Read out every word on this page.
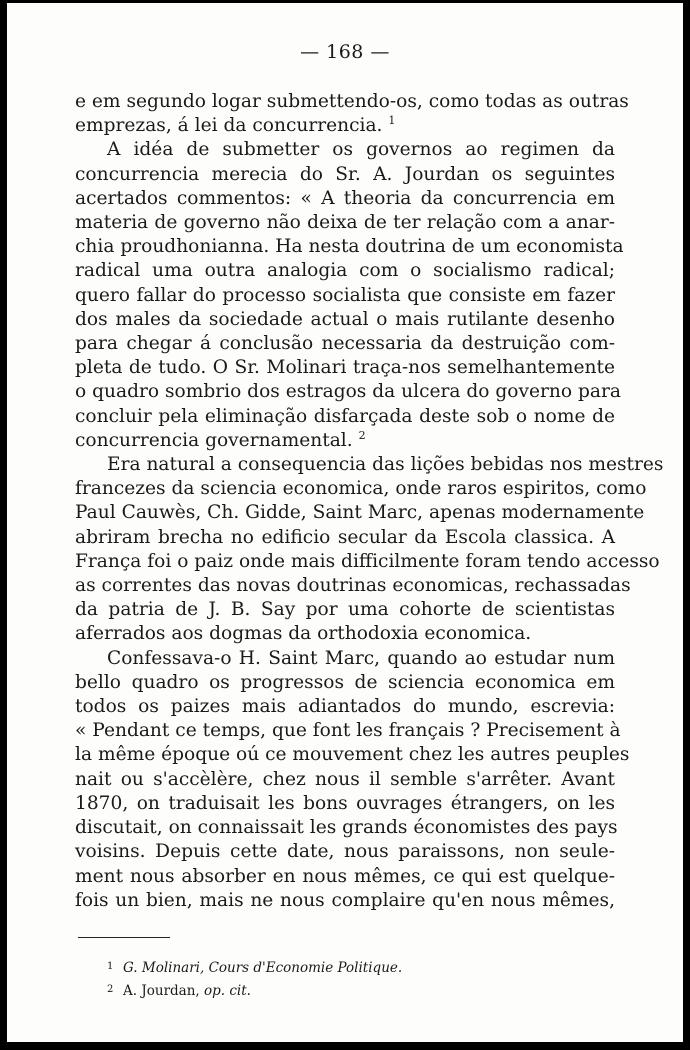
— 168 —
e em segundo logar submettendo-os, como todas as outras
emprezas, á lei da concurrencia. $^1$
A idéa de submetter os governos ao regimen da
concurrencia merecia do Sr. A. Jourdan os seguintes
acertados commentos: « A theoria da concurrencia em
materia de governo não deixa de ter relação com a anar-
chia proudhonianna. Ha nesta doutrina de um economista
radical uma outra analogia com o socialismo radical;
quero fallar do processo socialista que consiste em fazer
dos males da sociedade actual o mais rutilante desenho
para chegar á conclusão necessaria da destruição com-
pleta de tudo. O Sr. Molinari traça-nos semelhantemente
o quadro sombrio dos estragos da ulcera do governo para
concluir pela eliminação disfarçada deste sob o nome de
concurrencia governamental. $^2$
Era natural a consequencia das lições bebidas nos mestres
francezes da sciencia economica, onde raros espiritos, como
Paul Cauwès, Ch. Gidde, Saint Marc, apenas modernamente
abriram brecha no edificio secular da Escola classica. A
França foi o paiz onde mais difficilmente foram tendo accesso
as correntes das novas doutrinas economicas, rechassadas
da patria de J. B. Say por uma cohorte de scientistas
aferrados aos dogmas da orthodoxia economica.
Confessava-o H. Saint Marc, quando ao estudar num
bello quadro os progressos de sciencia economica em
todos os paizes mais adiantados do mundo, escrevia:
« Pendant ce temps, que font les français ? Precisement à
la même époque oú ce mouvement chez les autres peuples
nait ou s'accèlère, chez nous il semble s'arrêter. Avant
1870, on traduisait les bons ouvrages étrangers, on les
discutait, on connaissait les grands économistes des pays
voisins. Depuis cette date, nous paraissons, non seule-
ment nous absorber en nous mêmes, ce qui est quelque-
fois un bien, mais ne nous complaire qu'en nous mêmes,
1 G. Molinari, Cours d'Economie Politique.
2 A. Jourdan, op. cit.
